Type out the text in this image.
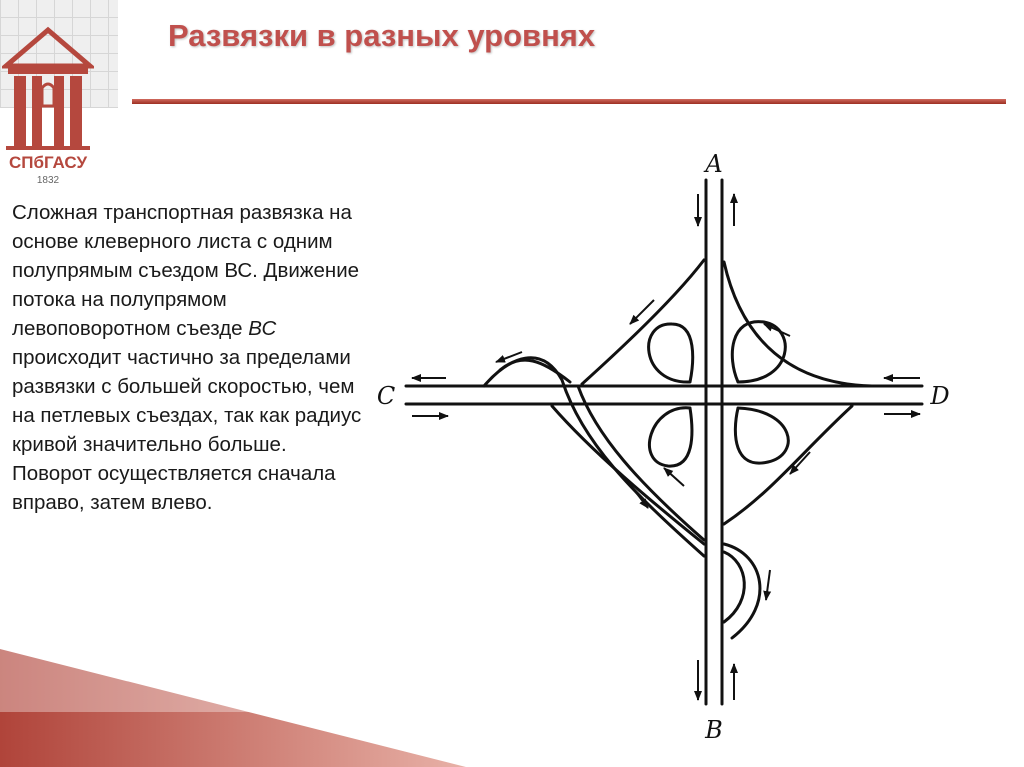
СПбГАСУ
1832
Развязки в разных уровнях

Сложная транспортная развязка на основе клеверного листа с одним полупрямым съездом ВС. Движение потока на полупрямом левоповоротном съезде ВС происходит частично за пределами развязки с большей скоростью, чем на петлевых съездах, так как радиус кривой значительно больше. Поворот осуществляется сначала вправо, затем влево.

A
B
C	D
